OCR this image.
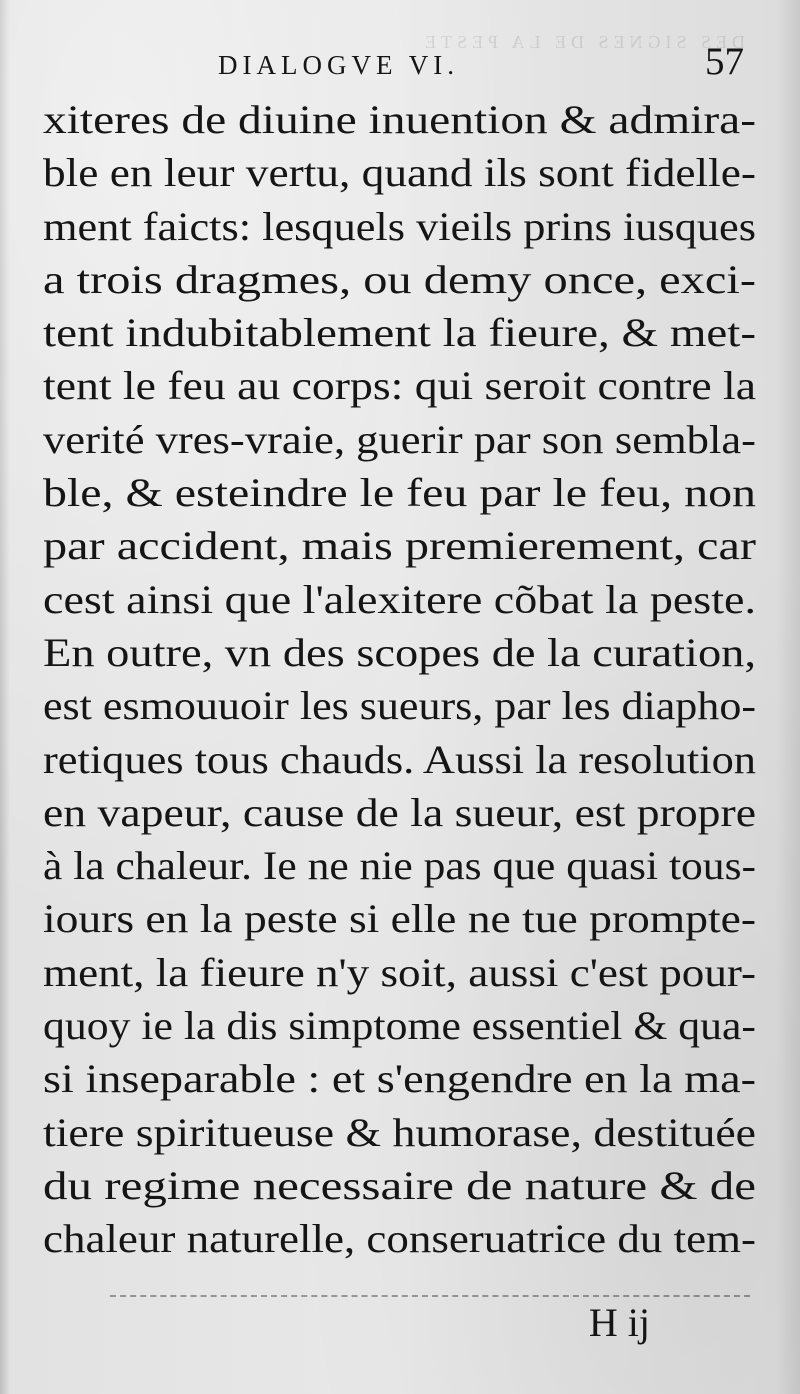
DES SIGNES DE LA PESTE
DIALOGVE VI.	57
xiteres de diuine inuention & admira-
ble en leur vertu, quand ils sont fidelle-
ment faicts: lesquels vieils prins iusques
a trois dragmes, ou demy once, exci-
tent indubitablement la fieure, & met-
tent le feu au corps: qui seroit contre la
verité vres-vraie, guerir par son sembla-
ble, & esteindre le feu par le feu, non
par accident, mais premierement, car
cest ainsi que l'alexitere cõbat la peste.
En outre, vn des scopes de la curation,
est esmouuoir les sueurs, par les diapho-
retiques tous chauds. Aussi la resolution
en vapeur, cause de la sueur, est propre
à la chaleur. Ie ne nie pas que quasi tous-
iours en la peste si elle ne tue prompte-
ment, la fieure n'y soit, aussi c'est pour-
quoy ie la dis simptome essentiel & qua-
si inseparable : et s'engendre en la ma-
tiere spiritueuse & humorase, destituée
du regime necessaire de nature & de
chaleur naturelle, conseruatrice du tem-
H ij
